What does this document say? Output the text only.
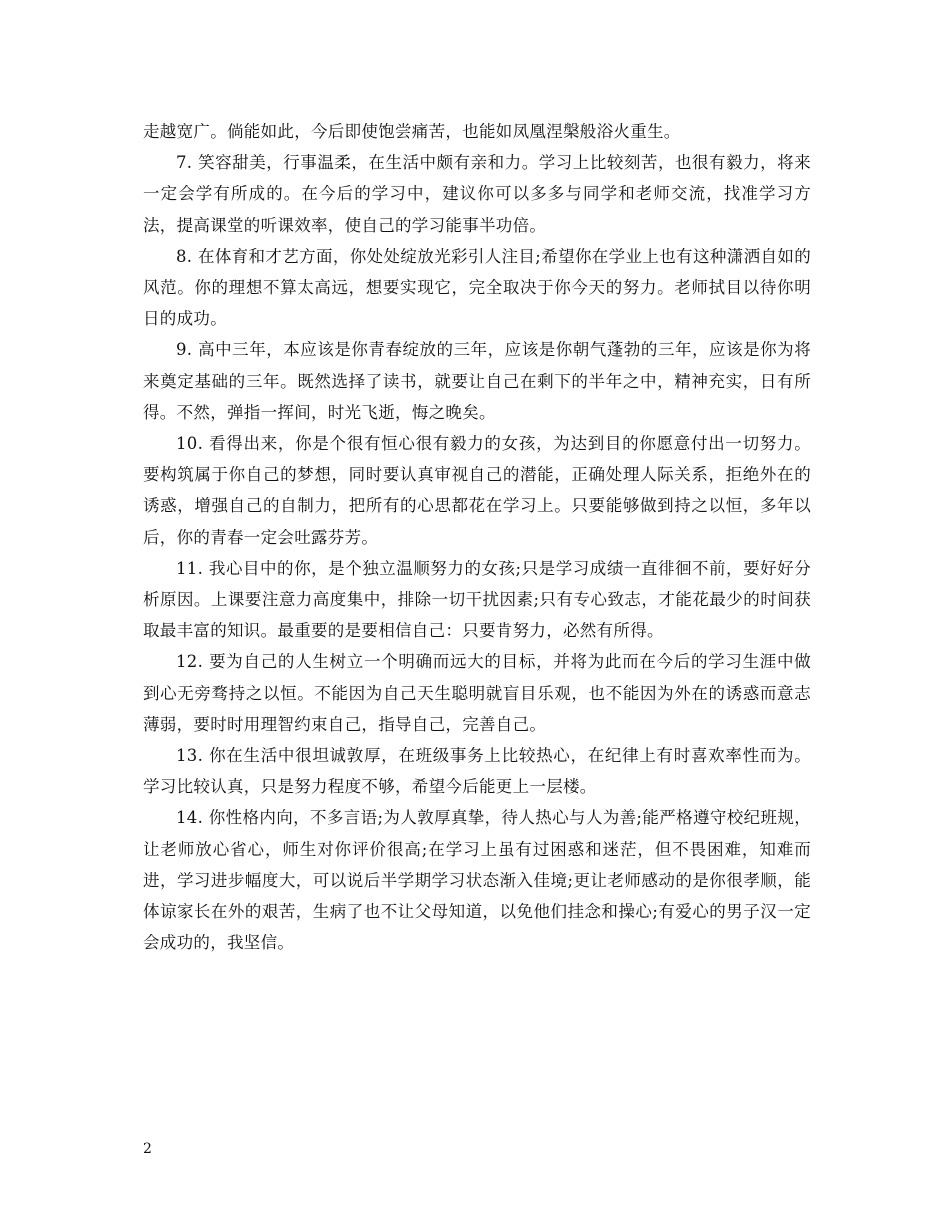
走越宽广。倘能如此，今后即使饱尝痛苦，也能如凤凰涅槃般浴火重生。

7. 笑容甜美，行事温柔，在生活中颇有亲和力。学习上比较刻苦，也很有毅力，将来一定会学有所成的。在今后的学习中，建议你可以多多与同学和老师交流，找准学习方法，提高课堂的听课效率，使自己的学习能事半功倍。

8. 在体育和才艺方面，你处处绽放光彩引人注目;希望你在学业上也有这种潇洒自如的风范。你的理想不算太高远，想要实现它，完全取决于你今天的努力。老师拭目以待你明日的成功。

9. 高中三年，本应该是你青春绽放的三年，应该是你朝气蓬勃的三年，应该是你为将来奠定基础的三年。既然选择了读书，就要让自己在剩下的半年之中，精神充实，日有所得。不然，弹指一挥间，时光飞逝，悔之晚矣。

10. 看得出来，你是个很有恒心很有毅力的女孩，为达到目的你愿意付出一切努力。要构筑属于你自己的梦想，同时要认真审视自己的潜能，正确处理人际关系，拒绝外在的诱惑，增强自己的自制力，把所有的心思都花在学习上。只要能够做到持之以恒，多年以后，你的青春一定会吐露芬芳。

11. 我心目中的你，是个独立温顺努力的女孩;只是学习成绩一直徘徊不前，要好好分析原因。上课要注意力高度集中，排除一切干扰因素;只有专心致志，才能花最少的时间获取最丰富的知识。最重要的是要相信自己：只要肯努力，必然有所得。

12. 要为自己的人生树立一个明确而远大的目标，并将为此而在今后的学习生涯中做到心无旁骛持之以恒。不能因为自己天生聪明就盲目乐观，也不能因为外在的诱惑而意志薄弱，要时时用理智约束自己，指导自己，完善自己。

13. 你在生活中很坦诚敦厚，在班级事务上比较热心，在纪律上有时喜欢率性而为。学习比较认真，只是努力程度不够，希望今后能更上一层楼。

14. 你性格内向，不多言语;为人敦厚真挚，待人热心与人为善;能严格遵守校纪班规，让老师放心省心，师生对你评价很高;在学习上虽有过困惑和迷茫，但不畏困难，知难而进，学习进步幅度大，可以说后半学期学习状态渐入佳境;更让老师感动的是你很孝顺，能体谅家长在外的艰苦，生病了也不让父母知道，以免他们挂念和操心;有爱心的男子汉一定会成功的，我坚信。

2
